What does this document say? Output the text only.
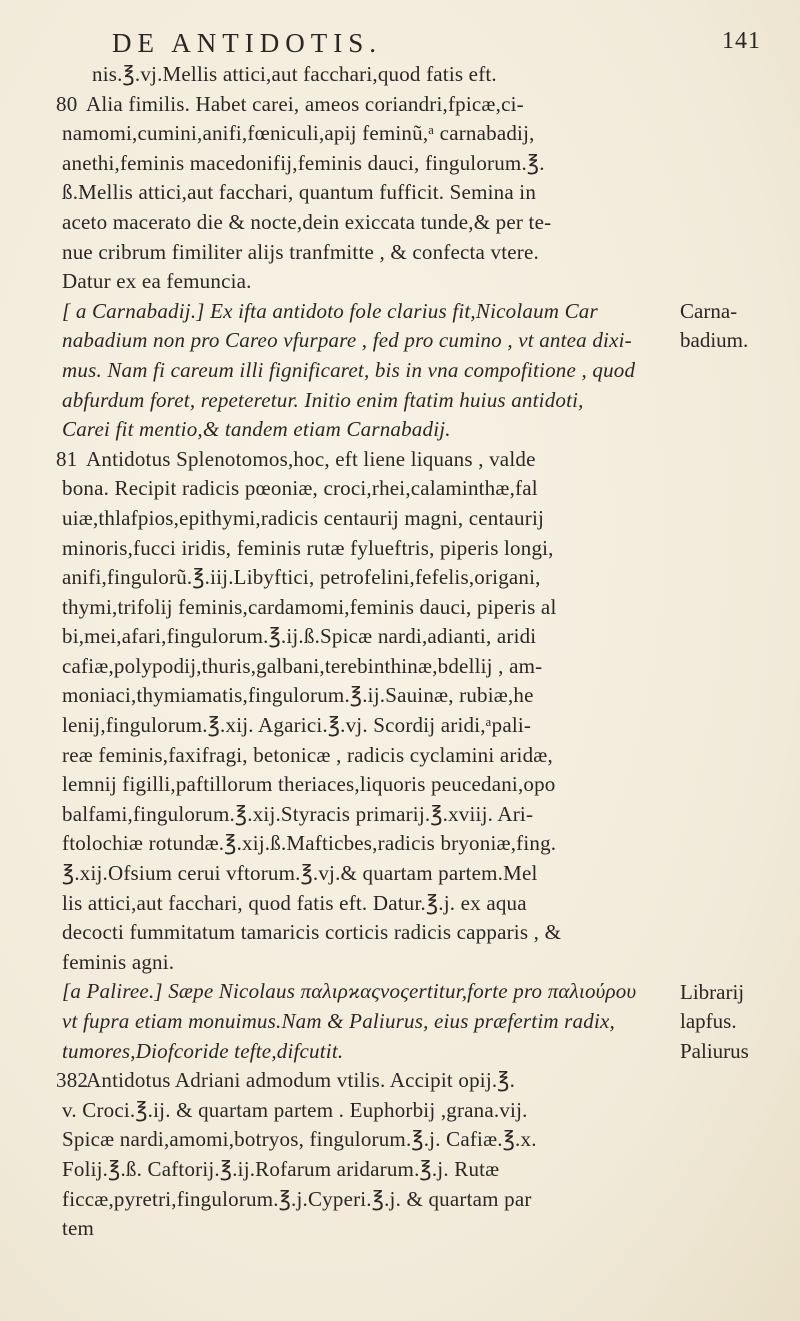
DE ANTIDOTIS.	141
nis.℥.vj.Mellis attici,aut facchari,quod fatis eft.
80 Alia fimilis. Habet carei, ameos coriandri,fpicæ,ci-
namomi,cumini,anifi,fœniculi,apij feminũ,ᵃ carnabadij,
anethi,feminis macedonifij,feminis dauci, fingulorum.℥.
ß.Mellis attici,aut facchari, quantum fufficit. Semina in
aceto macerato die & nocte,dein exiccata tunde,& per te-
nue cribrum fimiliter alijs tranfmitte , & confecta vtere.
Datur ex ea femuncia.
[ a Carnabadij.] Ex ifta antidoto fole clarius fit,Nicolaum Car
nabadium non pro Careo vfurpare , fed pro cumino , vt antea dixi-
mus. Nam fi careum illi fignificaret, bis in vna compofitione , quod
abfurdum foret, repeteretur. Initio enim ftatim huius antidoti,
Carei fit mentio,& tandem etiam Carnabadij.
81 Antidotus Splenotomos,hoc, eft liene liquans , valde
bona. Recipit radicis pœoniæ, croci,rhei,calaminthæ,fal
uiæ,thlafpios,epithymi,radicis centaurij magni, centaurij
minoris,fucci iridis, feminis rutæ fylueftris, piperis longi,
anifi,fingulorũ.℥.iij.Libyftici, petrofelini,fefelis,origani,
thymi,trifolij feminis,cardamomi,feminis dauci, piperis al
bi,mei,afari,fingulorum.℥.ij.ß.Spicæ nardi,adianti, aridi
cafiæ,polypodij,thuris,galbani,terebinthinæ,bdellij , am-
moniaci,thymiamatis,fingulorum.℥.ij.Sauinæ, rubiæ,he
lenij,fingulorum.℥.xij. Agarici.℥.vj. Scordij aridi,ᵃpali-
reæ feminis,faxifragi, betonicæ , radicis cyclamini aridæ,
lemnij figilli,paftillorum theriaces,liquoris peucedani,opo
balfami,fingulorum.℥.xij.Styracis primarij.℥.xviij. Ari-
ftolochiæ rotundæ.℥.xij.ß.Mafticbes,radicis bryoniæ,fing.
℥.xij.Ofsium cerui vftorum.℥.vj.& quartam partem.Mel
lis attici,aut facchari, quod fatis eft. Datur.℥.j. ex aqua
decocti fummitatum tamaricis corticis radicis capparis , &
feminis agni.
[a Paliree.] Sæpe Nicolaus παλιρϰαςνοςertitur,forte pro παλιούρου
vt fupra etiam monuimus.Nam & Paliurus, eius præfertim radix,
tumores,Diofcoride tefte,difcutit.
382Antidotus Adriani admodum vtilis. Accipit opij.℥.
v. Croci.℥.ij. & quartam partem . Euphorbij ,grana.vij.
Spicæ nardi,amomi,botryos, fingulorum.℥.j. Cafiæ.℥.x.
Folij.℥.ß. Caftorij.℥.ij.Rofarum aridarum.℥.j. Rutæ
ficcæ,pyretri,fingulorum.℥.j.Cyperi.℥.j. & quartam par
tem
Carna-
badium.
Librarij
lapfus.
Paliurus
